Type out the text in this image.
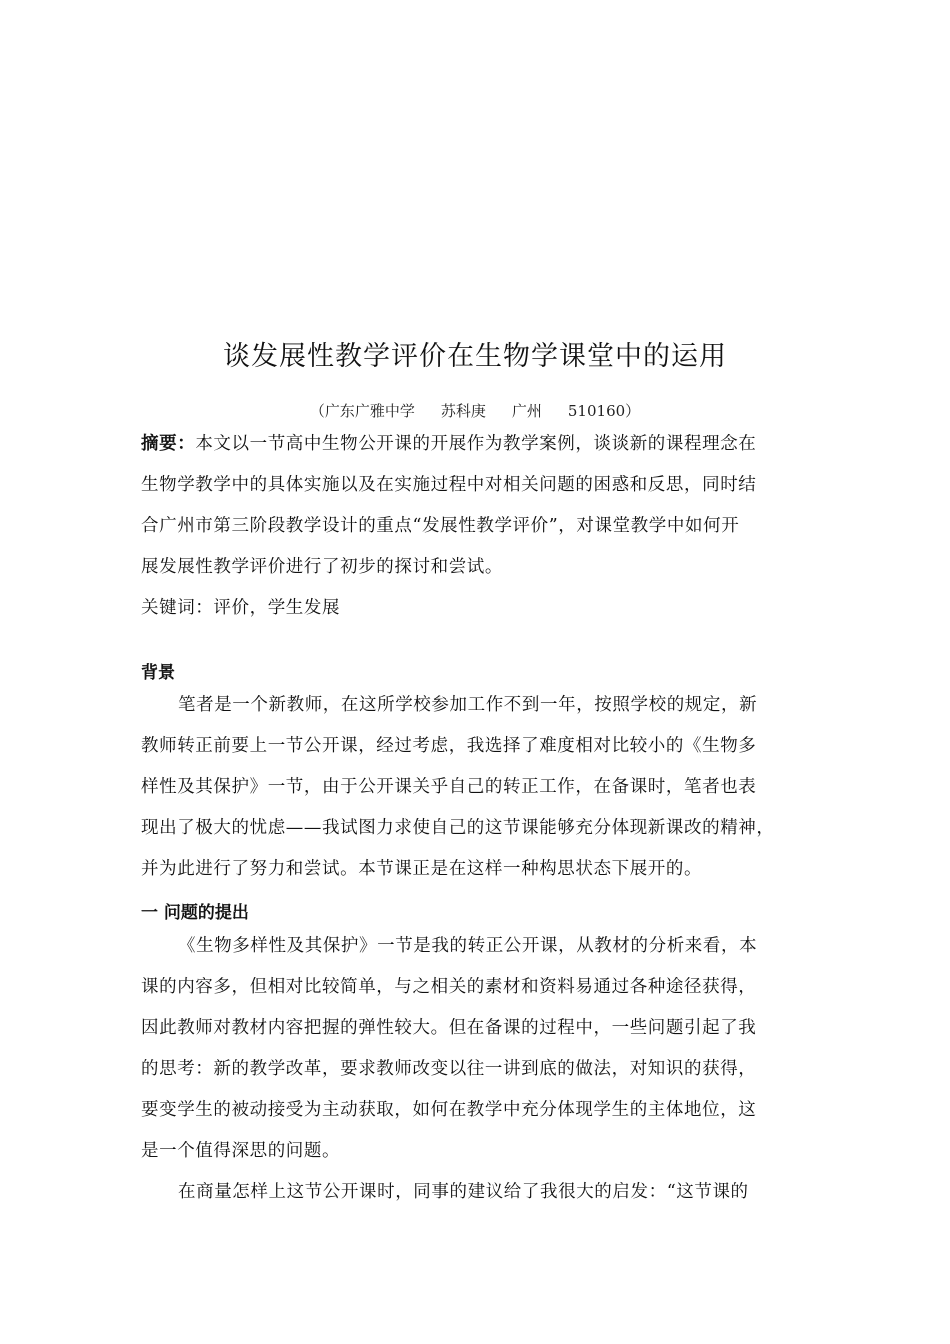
谈发展性教学评价在生物学课堂中的运用
（广东广雅中学 苏科庚 广州 510160）
摘要：本文以一节高中生物公开课的开展作为教学案例，谈谈新的课程理念在
生物学教学中的具体实施以及在实施过程中对相关问题的困惑和反思，同时结
合广州市第三阶段教学设计的重点“发展性教学评价”，对课堂教学中如何开
展发展性教学评价进行了初步的探讨和尝试。
关键词：评价，学生发展
背景
笔者是一个新教师，在这所学校参加工作不到一年，按照学校的规定，新
教师转正前要上一节公开课，经过考虑，我选择了难度相对比较小的《生物多
样性及其保护》一节，由于公开课关乎自己的转正工作，在备课时，笔者也表
现出了极大的忧虑——我试图力求使自己的这节课能够充分体现新课改的精神，
并为此进行了努力和尝试。本节课正是在这样一种构思状态下展开的。
一 问题的提出
《生物多样性及其保护》一节是我的转正公开课，从教材的分析来看，本
课的内容多，但相对比较简单，与之相关的素材和资料易通过各种途径获得，
因此教师对教材内容把握的弹性较大。但在备课的过程中，一些问题引起了我
的思考：新的教学改革，要求教师改变以往一讲到底的做法，对知识的获得，
要变学生的被动接受为主动获取，如何在教学中充分体现学生的主体地位，这
是一个值得深思的问题。
在商量怎样上这节公开课时，同事的建议给了我很大的启发：“这节课的
